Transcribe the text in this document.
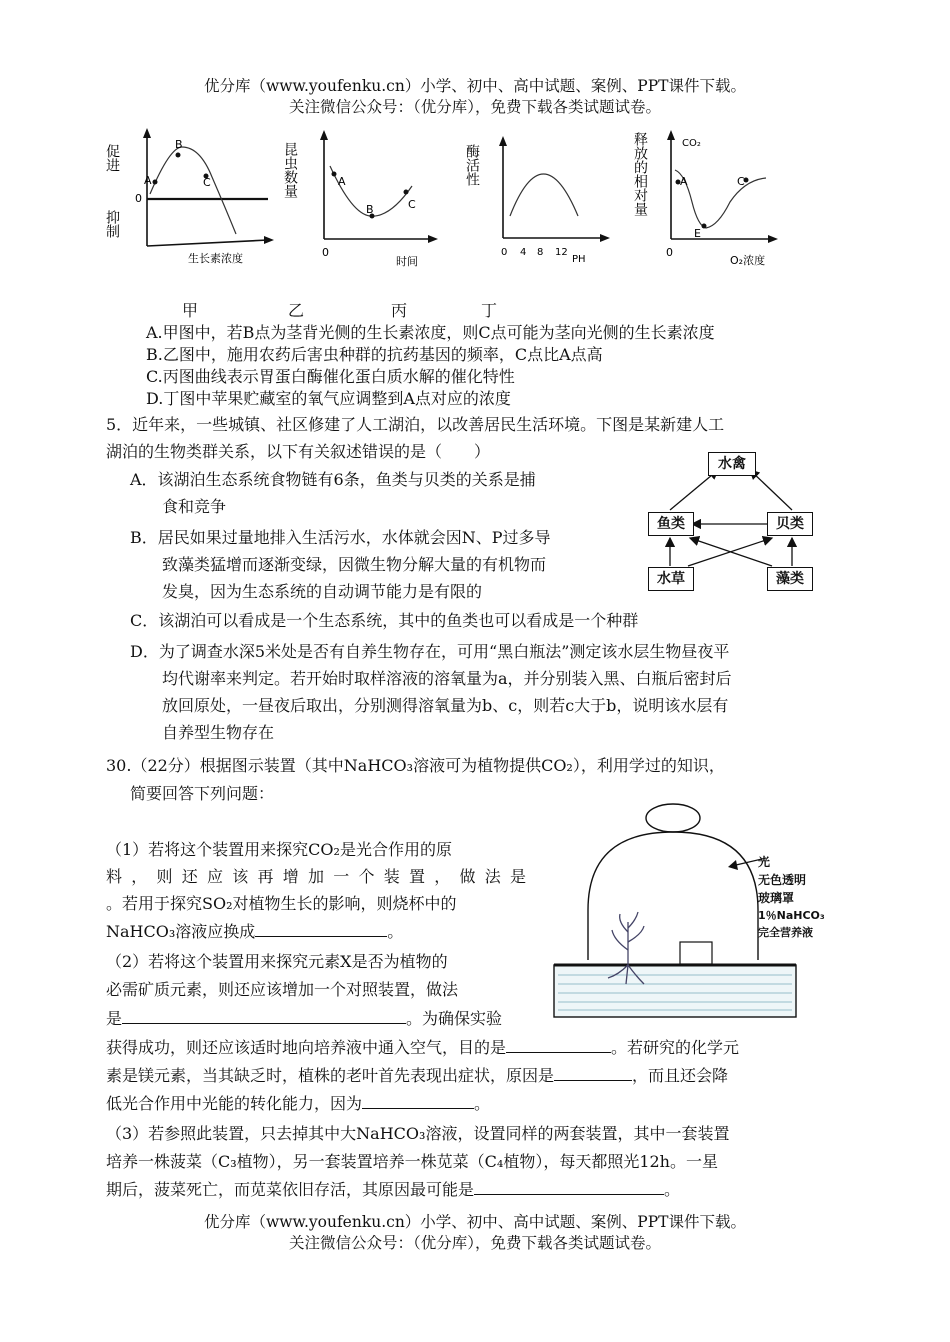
优分库（www.youfenku.cn）小学、初中、高中试题、案例、PPT课件下载。
关注微信公众号：（优分库），免费下载各类试题试卷。
A
B
C
0
促进
抑制
生长素浓度
A
B	C
0
昆虫数量
时间
0 4 8 12
PH
酶活性	A	C
E
CO₂
0
释放的相对量
O₂浓度
甲	乙	丙	丁
A.甲图中，若B点为茎背光侧的生长素浓度，则C点可能为茎向光侧的生长素浓度
B.乙图中，施用农药后害虫种群的抗药基因的频率，C点比A点高
C.丙图曲线表示胃蛋白酶催化蛋白质水解的催化特性
D.丁图中苹果贮藏室的氧气应调整到A点对应的浓度
5．近年来，一些城镇、社区修建了人工湖泊，以改善居民生活环境。下图是某新建人工
湖泊的生物类群关系，以下有关叙述错误的是（　　）
A．该湖泊生态系统食物链有6条，鱼类与贝类的关系是捕
食和竞争
B．居民如果过量地排入生活污水，水体就会因N、P过多导
致藻类猛增而逐渐变绿，因微生物分解大量的有机物而
发臭，因为生态系统的自动调节能力是有限的
C．该湖泊可以看成是一个生态系统，其中的鱼类也可以看成是一个种群
D．为了调查水深5米处是否有自养生物存在，可用“黑白瓶法”测定该水层生物昼夜平
均代谢率来判定。若开始时取样溶液的溶氧量为a，并分别装入黑、白瓶后密封后
放回原处，一昼夜后取出，分别测得溶氧量为b、c，则若c大于b，说明该水层有
自养型生物存在
水禽
鱼类	贝类
水草	藻类
30.（22分）根据图示装置（其中NaHCO₃溶液可为植物提供CO₂），利用学过的知识，
简要回答下列问题：
（1）若将这个装置用来探究CO₂是光合作用的原
料，则还应该再增加一个装置，做法是
。若用于探究SO₂对植物生长的影响，则烧杯中的
NaHCO₃溶液应换成	。
（2）若将这个装置用来探究元素X是否为植物的
必需矿质元素，则还应该增加一个对照装置，做法
是	。为确保实验
获得成功，则还应该适时地向培养液中通入空气，目的是	。若研究的化学元
素是镁元素，当其缺乏时，植株的老叶首先表现出症状，原因是	，而且还会降
低光合作用中光能的转化能力，因为	。
（3）若参照此装置，只去掉其中大NaHCO₃溶液，设置同样的两套装置，其中一套装置
培养一株菠菜（C₃植物），另一套装置培养一株苋菜（C₄植物），每天都照光12h。一星
期后，菠菜死亡，而苋菜依旧存活，其原因最可能是	。
光
无色透明
玻璃罩
1％NaHCO₃
完全营养液
优分库（www.youfenku.cn）小学、初中、高中试题、案例、PPT课件下载。
关注微信公众号：（优分库），免费下载各类试题试卷。
